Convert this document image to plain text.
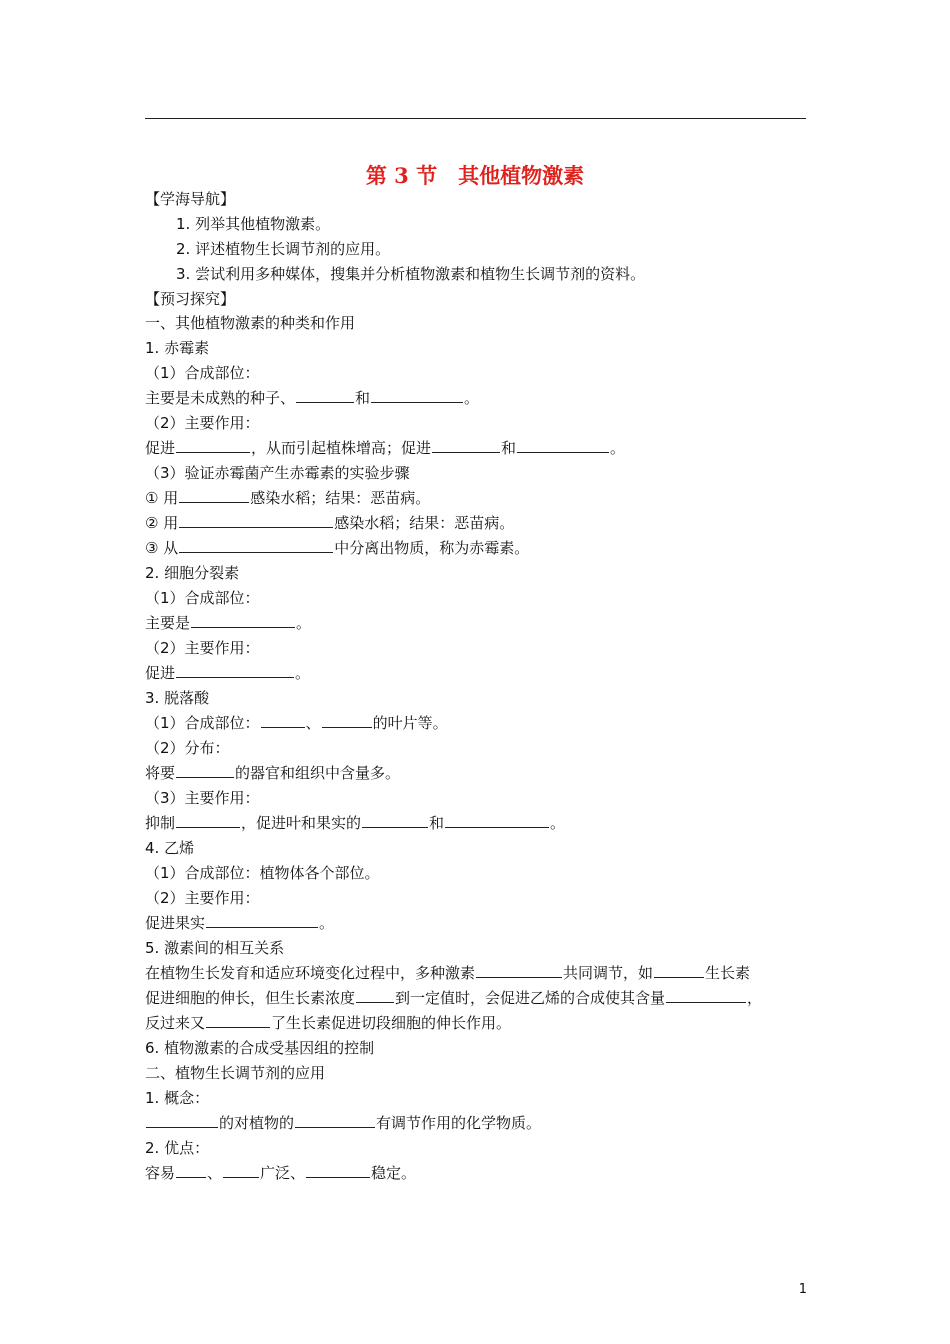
第 3 节　其他植物激素
【学海导航】
1. 列举其他植物激素。
2. 评述植物生长调节剂的应用。
3. 尝试利用多种媒体，搜集并分析植物激素和植物生长调节剂的资料。
【预习探究】
一、其他植物激素的种类和作用
1. 赤霉素
（1）合成部位：
主要是未成熟的种子、	和	。
（2）主要作用：
促进	，从而引起植株增高；促进	和	。
（3）验证赤霉菌产生赤霉素的实验步骤
① 用	感染水稻；结果：恶苗病。
② 用	感染水稻；结果：恶苗病。
③ 从	中分离出物质，称为赤霉素。
2. 细胞分裂素
（1）合成部位：
主要是	。
（2）主要作用：
促进	。
3. 脱落酸
（1）合成部位：	、	的叶片等。
（2）分布：
将要	的器官和组织中含量多。
（3）主要作用：
抑制	，促进叶和果实的	和	。
4. 乙烯
（1）合成部位：植物体各个部位。
（2）主要作用：
促进果实	。
5. 激素间的相互关系
在植物生长发育和适应环境变化过程中，多种激素	共同调节，如	生长素
促进细胞的伸长，但生长素浓度	到一定值时，会促进乙烯的合成使其含量	，
反过来又	了生长素促进切段细胞的伸长作用。
6. 植物激素的合成受基因组的控制
二、植物生长调节剂的应用
1. 概念：
的对植物的	有调节作用的化学物质。
2. 优点：
容易 、	广泛、	稳定。
1
